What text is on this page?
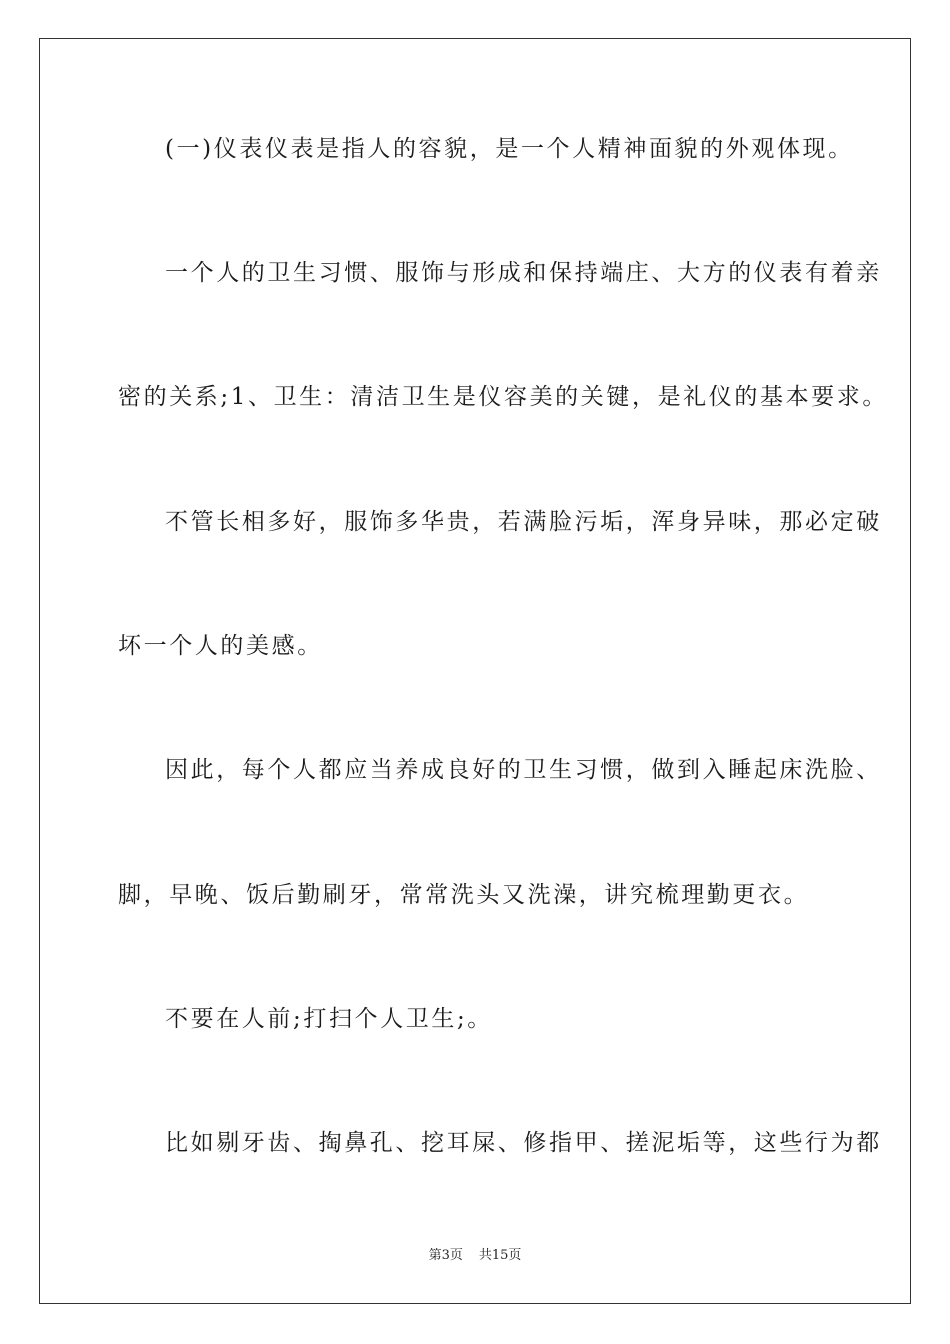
(一)仪表仪表是指人的容貌，是一个人精神面貌的外观体现。
一个人的卫生习惯、服饰与形成和保持端庄、大方的仪表有着亲
密的关系;1、卫生：清洁卫生是仪容美的关键，是礼仪的基本要求。
不管长相多好，服饰多华贵，若满脸污垢，浑身异味，那必定破
坏一个人的美感。
因此，每个人都应当养成良好的卫生习惯，做到入睡起床洗脸、
脚，早晚、饭后勤刷牙，常常洗头又洗澡，讲究梳理勤更衣。
不要在人前;打扫个人卫生;。
比如剔牙齿、掏鼻孔、挖耳屎、修指甲、搓泥垢等，这些行为都
第3页 共15页
